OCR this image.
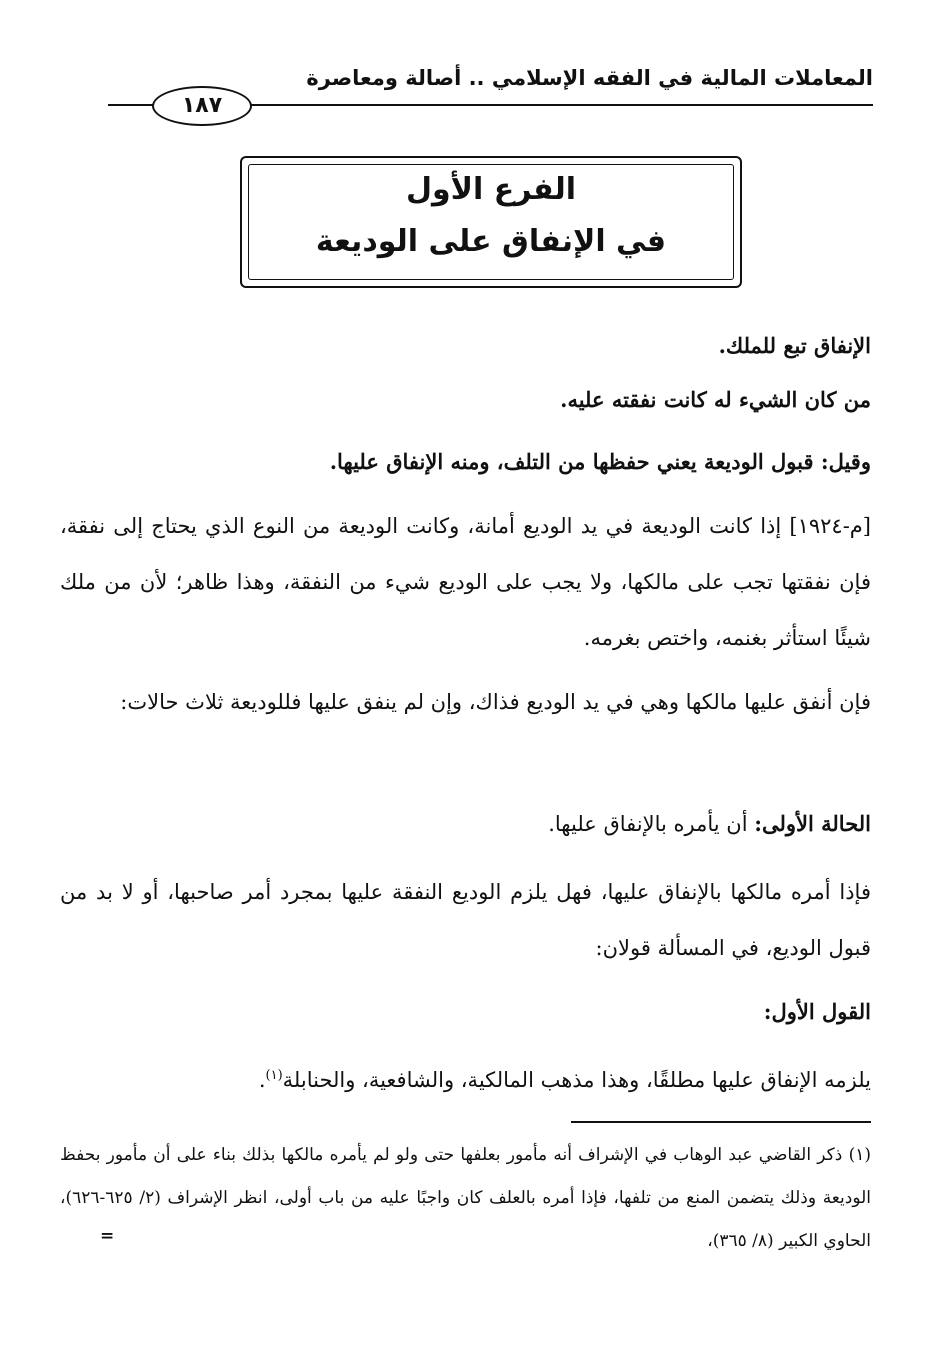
المعاملات المالية في الفقه الإسلامي .. أصالة ومعاصرة
١٨٧
الفرع الأول
في الإنفاق على الوديعة
الإنفاق تبع للملك.
من كان الشيء له كانت نفقته عليه.
وقيل: قبول الوديعة يعني حفظها من التلف، ومنه الإنفاق عليها.
[م-١٩٢٤] إذا كانت الوديعة في يد الوديع أمانة، وكانت الوديعة من النوع الذي يحتاج إلى نفقة، فإن نفقتها تجب على مالكها، ولا يجب على الوديع شيء من النفقة، وهذا ظاهر؛ لأن من ملك شيئًا استأثر بغنمه، واختص بغرمه.
فإن أنفق عليها مالكها وهي في يد الوديع فذاك، وإن لم ينفق عليها فللوديعة ثلاث حالات:
الحالة الأولى: أن يأمره بالإنفاق عليها.
فإذا أمره مالكها بالإنفاق عليها، فهل يلزم الوديع النفقة عليها بمجرد أمر صاحبها، أو لا بد من قبول الوديع، في المسألة قولان:
القول الأول:
يلزمه الإنفاق عليها مطلقًا، وهذا مذهب المالكية، والشافعية، والحنابلة$^{(١)}$.
(١) ذكر القاضي عبد الوهاب في الإشراف أنه مأمور بعلفها حتى ولو لم يأمره مالكها بذلك بناء على أن مأمور بحفظ الوديعة وذلك يتضمن المنع من تلفها، فإذا أمره بالعلف كان واجبًا عليه من باب أولى، انظر الإشراف (٢/ ٦٢٥-٦٢٦)، الحاوي الكبير (٨/ ٣٦٥)،
=
